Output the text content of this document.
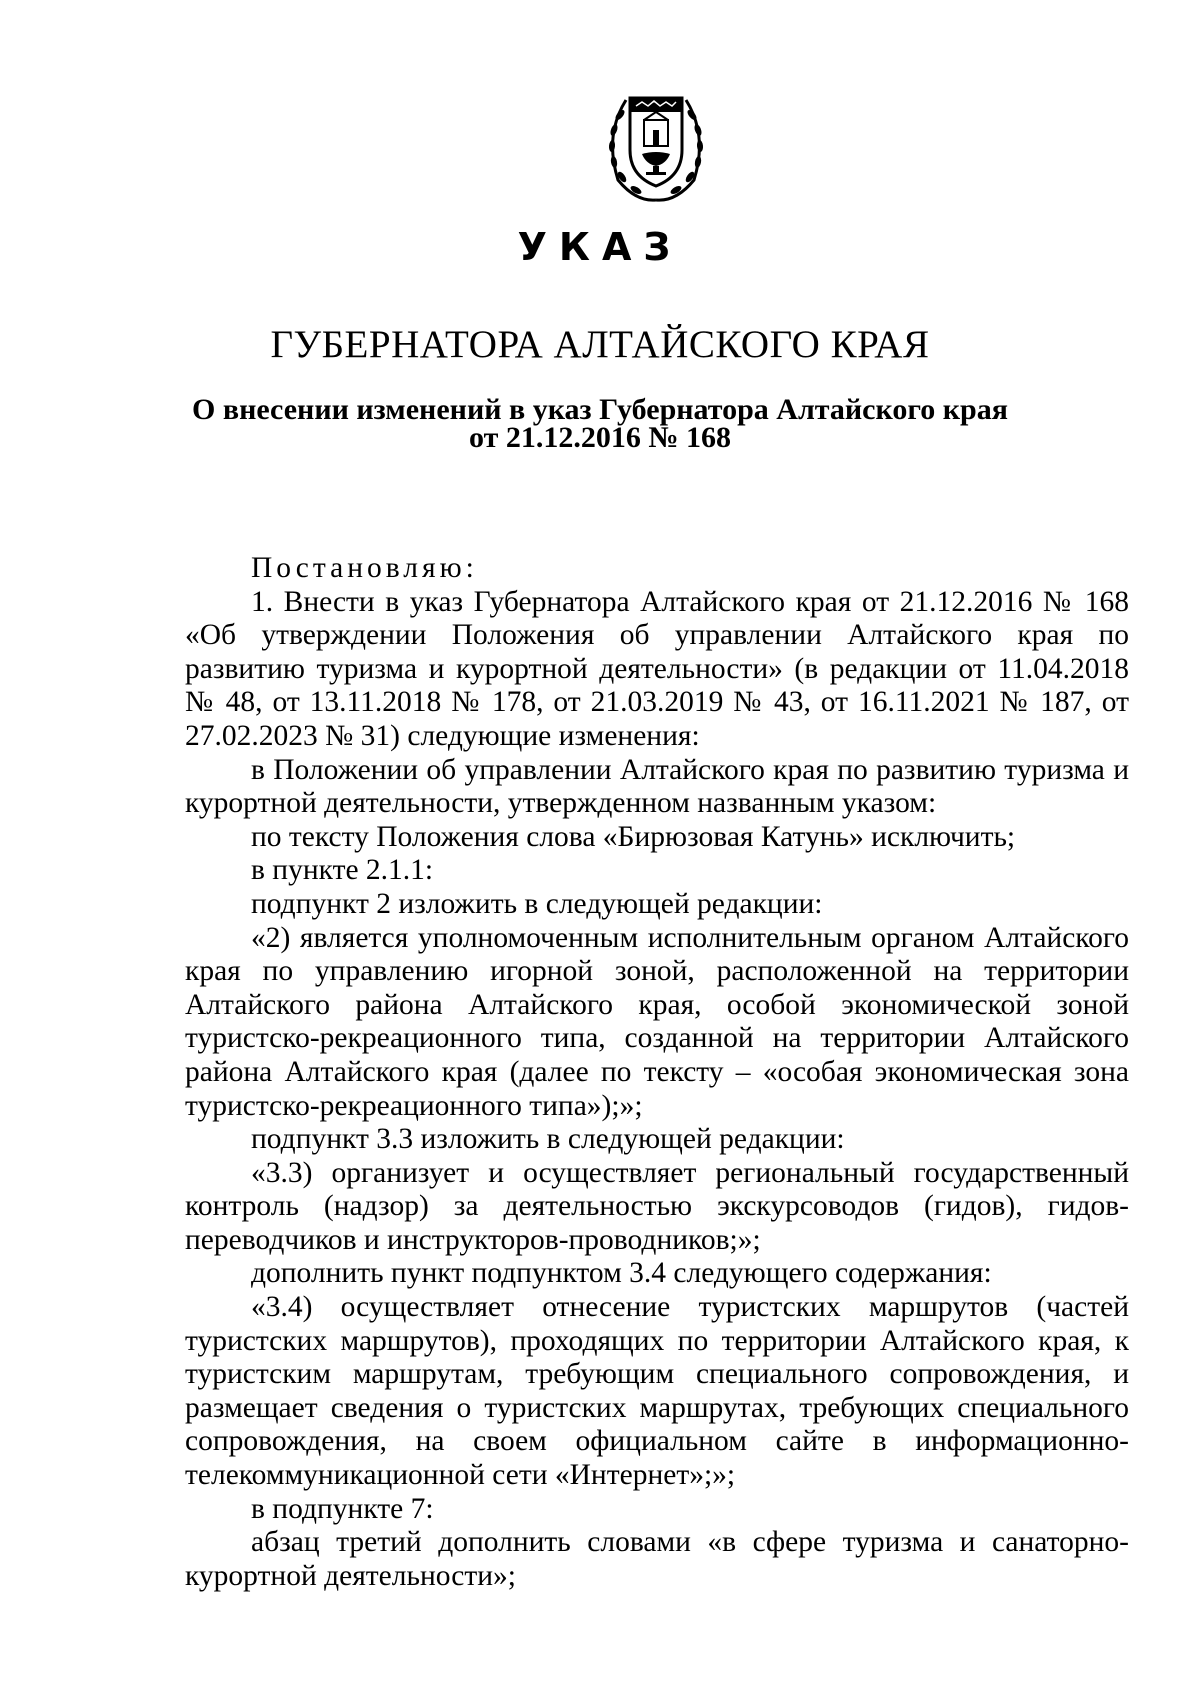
УКАЗ
ГУБЕРНАТОРА АЛТАЙСКОГО КРАЯ
О внесении изменений в указ Губернатора Алтайского края
от 21.12.2016 № 168

Постановляю:

1. Внести в указ Губернатора Алтайского края от 21.12.2016 № 168 «Об утверждении Положения об управлении Алтайского края по развитию туризма и курортной деятельности» (в редакции от 11.04.2018 № 48, от 13.11.2018 № 178, от 21.03.2019 № 43, от 16.11.2021 № 187, от 27.02.2023 № 31) следующие изменения:

в Положении об управлении Алтайского края по развитию туризма и курортной деятельности, утвержденном названным указом:

по тексту Положения слова «Бирюзовая Катунь» исключить;

в пункте 2.1.1:

подпункт 2 изложить в следующей редакции:

«2) является уполномоченным исполнительным органом Алтайского края по управлению игорной зоной, расположенной на территории Алтайского района Алтайского края, особой экономической зоной туристско-рекреационного типа, созданной на территории Алтайского района Алтайского края (далее по тексту – «особая экономическая зона туристско-рекреационного типа»);»;

подпункт 3.3 изложить в следующей редакции:

«3.3) организует и осуществляет региональный государственный контроль (надзор) за деятельностью экскурсоводов (гидов), гидов-переводчиков и инструкторов-проводников;»;

дополнить пункт подпунктом 3.4 следующего содержания:

«3.4) осуществляет отнесение туристских маршрутов (частей туристских маршрутов), проходящих по территории Алтайского края, к туристским маршрутам, требующим специального сопровождения, и размещает сведения о туристских маршрутах, требующих специального сопровождения, на своем официальном сайте в информационно-телекоммуникационной сети «Интернет»;»;

в подпункте 7:

абзац третий дополнить словами «в сфере туризма и санаторно-курортной деятельности»;
